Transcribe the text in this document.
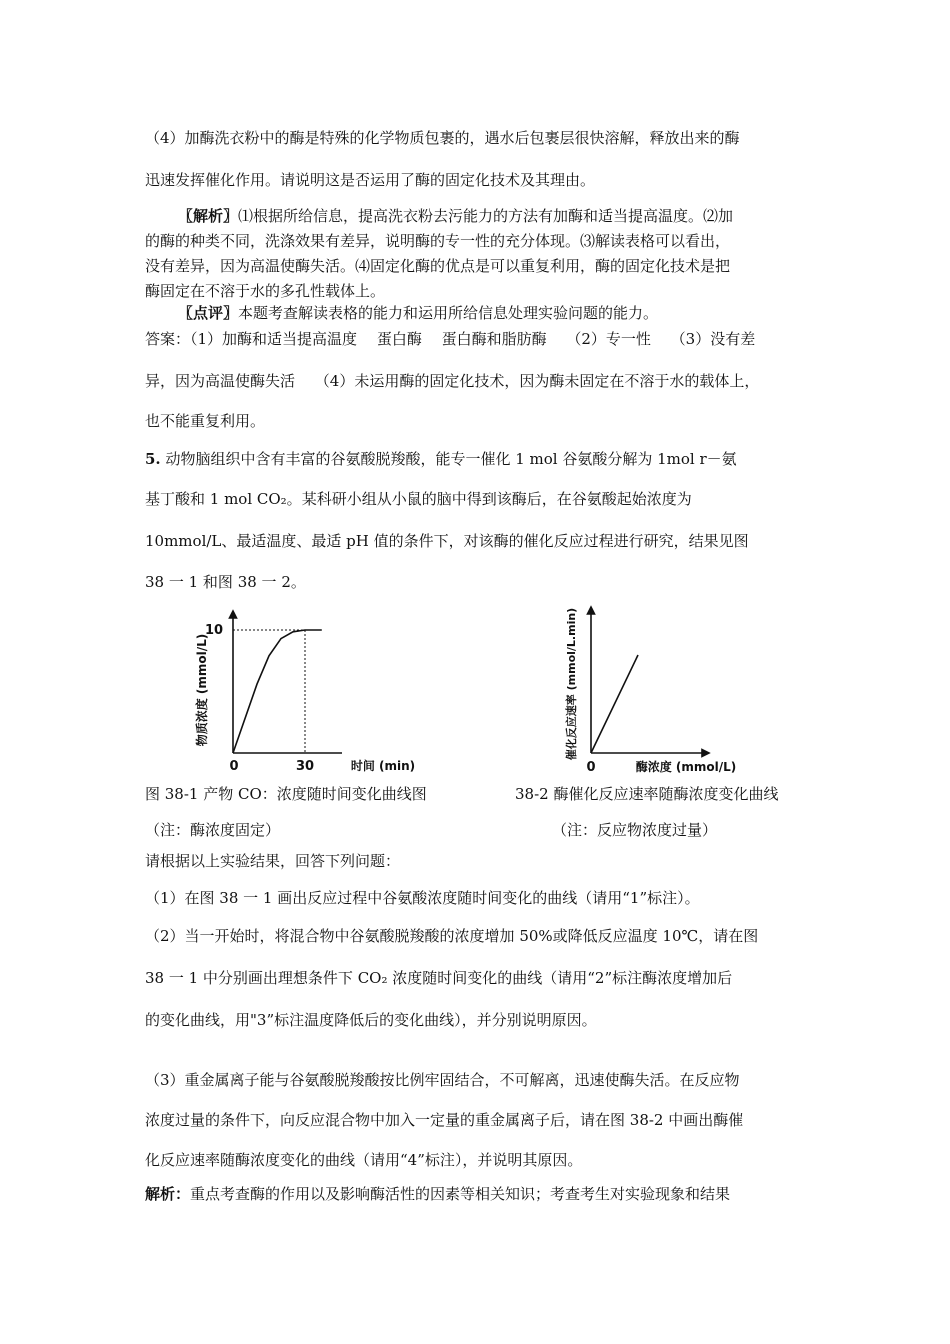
（4）加酶洗衣粉中的酶是特殊的化学物质包裹的，遇水后包裹层很快溶解，释放出来的酶
迅速发挥催化作用。请说明这是否运用了酶的固定化技术及其理由。
〖解析〗⑴根据所给信息，提高洗衣粉去污能力的方法有加酶和适当提高温度。⑵加
的酶的种类不同，洗涤效果有差异，说明酶的专一性的充分体现。⑶解读表格可以看出，
没有差异，因为高温使酶失活。⑷固定化酶的优点是可以重复利用，酶的固定化技术是把
酶固定在不溶于水的多孔性载体上。
〖点评〗本题考查解读表格的能力和运用所给信息处理实验问题的能力。
答案：（1）加酶和适当提高温度　 蛋白酶　 蛋白酶和脂肪酶　 （2）专一性　 （3）没有差
异，因为高温使酶失活　 （4）未运用酶的固定化技术，因为酶未固定在不溶于水的载体上，
也不能重复利用。
5. 动物脑组织中含有丰富的谷氨酸脱羧酸，能专一催化 1 mol 谷氨酸分解为 1mol r－氨
基丁酸和 1 mol CO₂。某科研小组从小鼠的脑中得到该酶后，在谷氨酸起始浓度为
10mmol/L、最适温度、最适 pH 值的条件下，对该酶的催化反应过程进行研究，结果见图
38 一 1 和图 38 一 2。
0	30
10
时间 (min)
物质浓度 (mmol/L)
0	酶浓度 (mmol/L)
催化反应速率 (mmol/L.min)
图 38-1 产物 CO：浓度随时间变化曲线图	38-2 酶催化反应速率随酶浓度变化曲线
（注：酶浓度固定）	（注：反应物浓度过量）
请根据以上实验结果，回答下列问题：
（1）在图 38 一 1 画出反应过程中谷氨酸浓度随时间变化的曲线（请用“1”标注）。
（2）当一开始时，将混合物中谷氨酸脱羧酸的浓度增加 50%或降低反应温度 10℃，请在图
38 一 1 中分别画出理想条件下 CO₂ 浓度随时间变化的曲线（请用“2”标注酶浓度增加后
的变化曲线，用"3”标注温度降低后的变化曲线），并分别说明原因。
（3）重金属离子能与谷氨酸脱羧酸按比例牢固结合，不可解离，迅速使酶失活。在反应物
浓度过量的条件下，向反应混合物中加入一定量的重金属离子后，请在图 38-2 中画出酶催
化反应速率随酶浓度变化的曲线（请用“4”标注），并说明其原因。
解析：重点考查酶的作用以及影响酶活性的因素等相关知识；考查考生对实验现象和结果
